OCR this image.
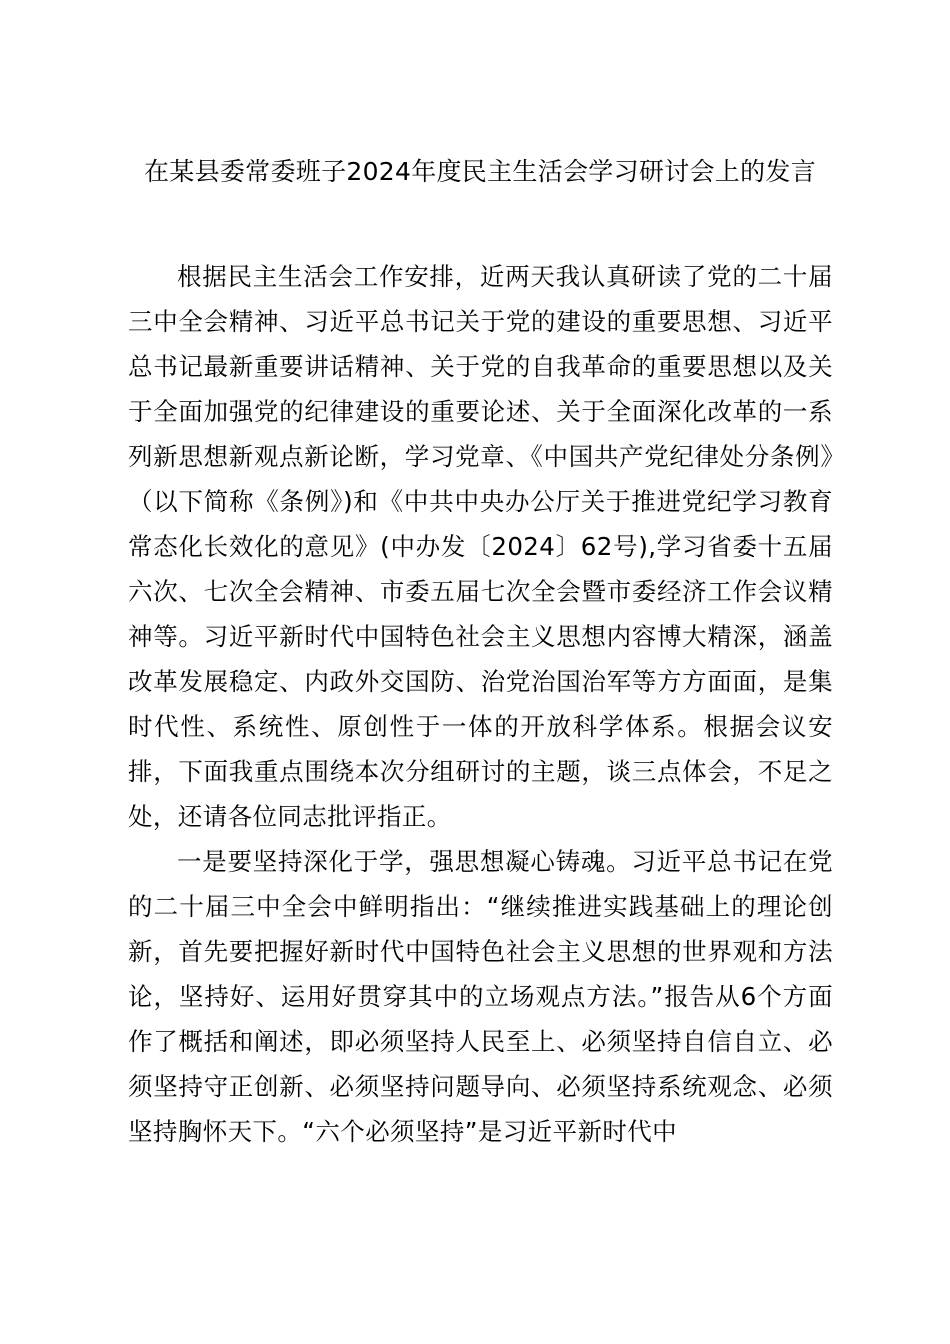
在某县委常委班子2024年度民主生活会学习研讨会上的发言

根据民主生活会工作安排，近两天我认真研读了党的二十届三中全会精神、习近平总书记关于党的建设的重要思想、习近平总书记最新重要讲话精神、关于党的自我革命的重要思想以及关于全面加强党的纪律建设的重要论述、关于全面深化改革的一系列新思想新观点新论断，学习党章、《中国共产党纪律处分条例》（以下简称《条例》)和《中共中央办公厅关于推进党纪学习教育常态化长效化的意见》(中办发〔2024〕62号),学习省委十五届六次、七次全会精神、市委五届七次全会暨市委经济工作会议精神等。习近平新时代中国特色社会主义思想内容博大精深，涵盖改革发展稳定、内政外交国防、治党治国治军等方方面面，是集时代性、系统性、原创性于一体的开放科学体系。根据会议安排，下面我重点围绕本次分组研讨的主题，谈三点体会，不足之处，还请各位同志批评指正。

一是要坚持深化于学，强思想凝心铸魂。习近平总书记在党的二十届三中全会中鲜明指出：“继续推进实践基础上的理论创新，首先要把握好新时代中国特色社会主义思想的世界观和方法论，坚持好、运用好贯穿其中的立场观点方法。”报告从6个方面作了概括和阐述，即必须坚持人民至上、必须坚持自信自立、必须坚持守正创新、必须坚持问题导向、必须坚持系统观念、必须坚持胸怀天下。“六个必须坚持”是习近平新时代中
